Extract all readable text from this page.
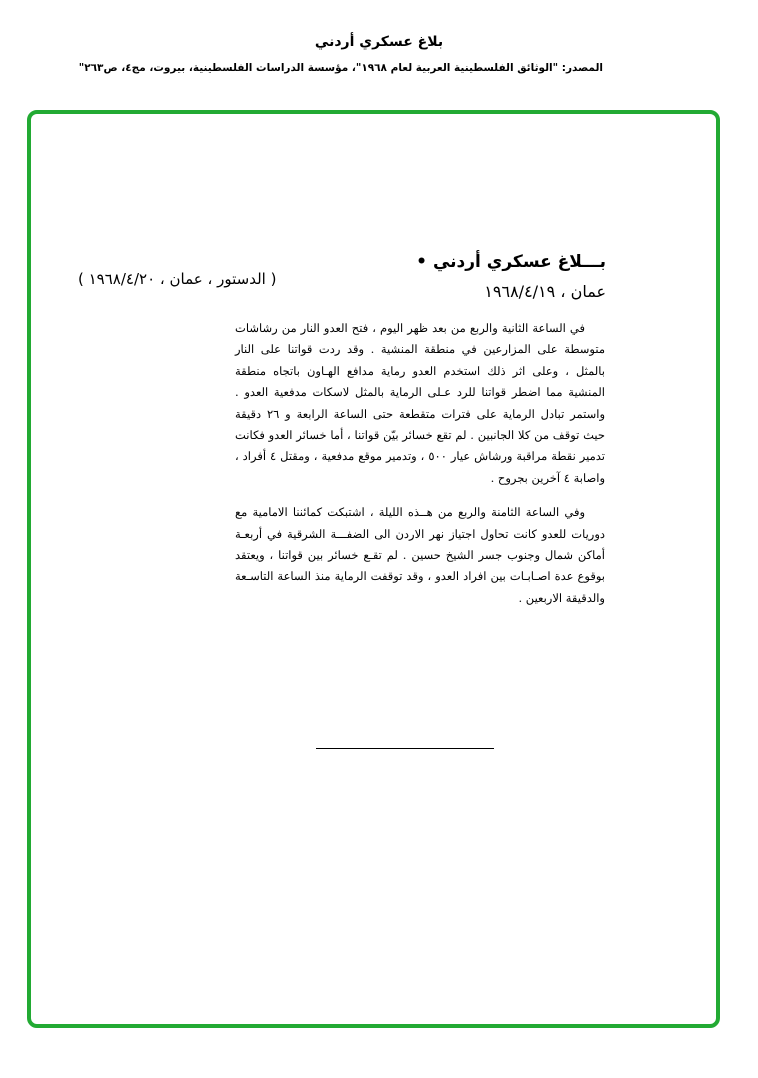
بلاغ عسكري أردني
المصدر: "الوثائق الفلسطينية العربية لعام ١٩٦٨"، مؤسسة الدراسات الفلسطينية، بيروت، مج٤، ص٢٦٣"
بـــلاغ عسكري أردني •
عمان ، ١٩٦٨/٤/١٩
( الدستور ، عمان ، ١٩٦٨/٤/٢٠ )

في الساعة الثانية والربع من بعد ظهر اليوم ، فتح العدو النار من رشاشات متوسطة على المزارعين في منطقة المنشية . وقد ردت قواتنا على النار بالمثل ، وعلى اثر ذلك استخدم العدو رماية مدافع الهـاون باتجاه منطقة المنشية مما اضطر قواتنا للرد عـلى الرماية بالمثل لاسكات مدفعية العدو . واستمر تبادل الرماية على فترات متقطعة حتى الساعة الرابعة و ٢٦ دقيقة حيث توقف من كلا الجانبين . لم تقع خسائر بيّن قواتنا ، أما خسائر العدو فكانت تدمير نقطة مراقبة ورشاش عيار ٥٠٠ ، وتدمير موقع مدفعية ، ومقتل ٤ أفراد ، واصابة ٤ آخرين بجروح .

وفي الساعة الثامنة والربع من هــذه الليلة ، اشتبكت كمائننا الامامية مع دوريات للعدو كانت تحاول اجتياز نهر الاردن الى الضفـــة الشرقية في أربعـة أماكن شمال وجنوب جسر الشيخ حسين . لم تقـع خسائر بين قواتنا ، ويعتقد بوقوع عدة اصـابـات بين افراد العدو ، وقد توقفت الرماية منذ الساعة التاسـعة والدقيقة الاربعين .
